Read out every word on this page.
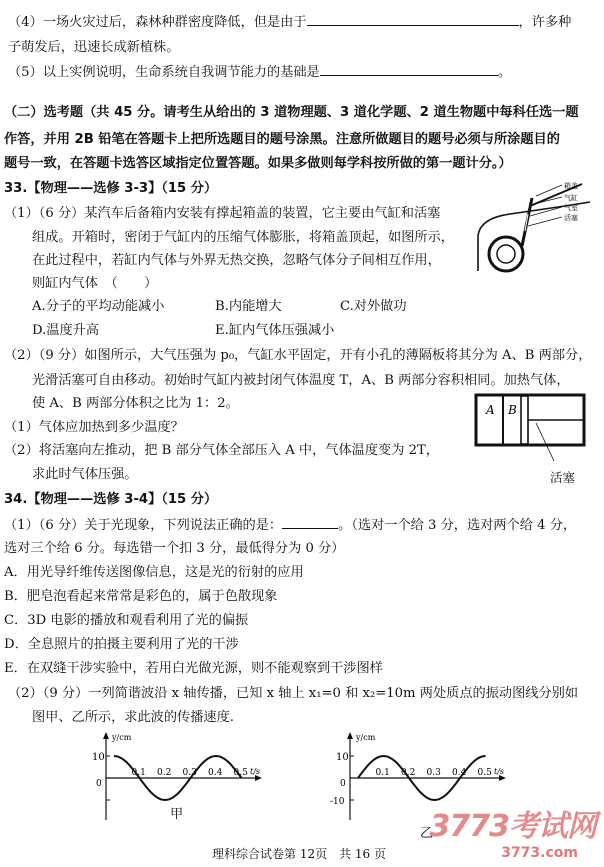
（4）一场火灾过后，森林种群密度降低，但是由于	，许多种
子萌发后，迅速长成新植株。
（5）以上实例说明，生命系统自我调节能力的基础是	。
（二）选考题（共 45 分。请考生从给出的 3 道物理题、3 道化学题、2 道生物题中每科任选一题
作答，并用 2B 铅笔在答题卡上把所选题目的题号涂黑。注意所做题目的题号必须与所涂题目的
题号一致，在答题卡选答区域指定位置答题。如果多做则每学科按所做的第一题计分。）
33.【物理——选修 3-3】（15 分）
（1）（6 分）某汽车后备箱内安装有撑起箱盖的装置，它主要由气缸和活塞
组成。开箱时，密闭于气缸内的压缩气体膨胀，将箱盖顶起，如图所示，
在此过程中，若缸内气体与外界无热交换，忽略气体分子间相互作用，
则缸内气体　（　　）
A.分子的平均动能减小	B.内能增大	C.对外做功
D.温度升高	E.缸内气体压强减小
箱盖
气缸
气室
活塞
（2）（9 分）如图所示，大气压强为 p₀，气缸水平固定，开有小孔的薄隔板将其分为 A、B 两部分，
光滑活塞可自由移动。初始时气缸内被封闭气体温度 T，A、B 两部分容积相同。加热气体，
使 A、B 两部分体积之比为 1：2。
（1）气体应加热到多少温度？
（2）将活塞向左推动，把 B 部分气体全部压入 A 中，气体温度变为 2T，
求此时气体压强。
A B
活塞
34.【物理——选修 3-4】（15 分）
（1）（6 分）关于光现象，下列说法正确的是：	。（选对一个给 3 分，选对两个给 4 分，
选对三个给 6 分。每选错一个扣 3 分，最低得分为 0 分）
A．用光导纤维传送图像信息，这是光的衍射的应用
B．肥皂泡看起来常常是彩色的，属于色散现象
C．3D 电影的播放和观看利用了光的偏振
D．全息照片的拍摄主要利用了光的干涉
E．在双缝干涉实验中，若用白光做光源，则不能观察到干涉图样
（2）（9 分）一列简谐波沿 x 轴传播，已知 x 轴上 x₁=0 和 x₂=10m 两处质点的振动图线分别如
图甲、乙所示，求此波的传播速度.
y/cm
10
0
t/s
0.1 0.2 0.3 0.4 0.5
甲
y/cm
10
0
-10
t/s
0.1 0.2 0.3 0.4 0.5
乙
理科综合试卷第 12页　共 16 页
3773考试网
3773.com
